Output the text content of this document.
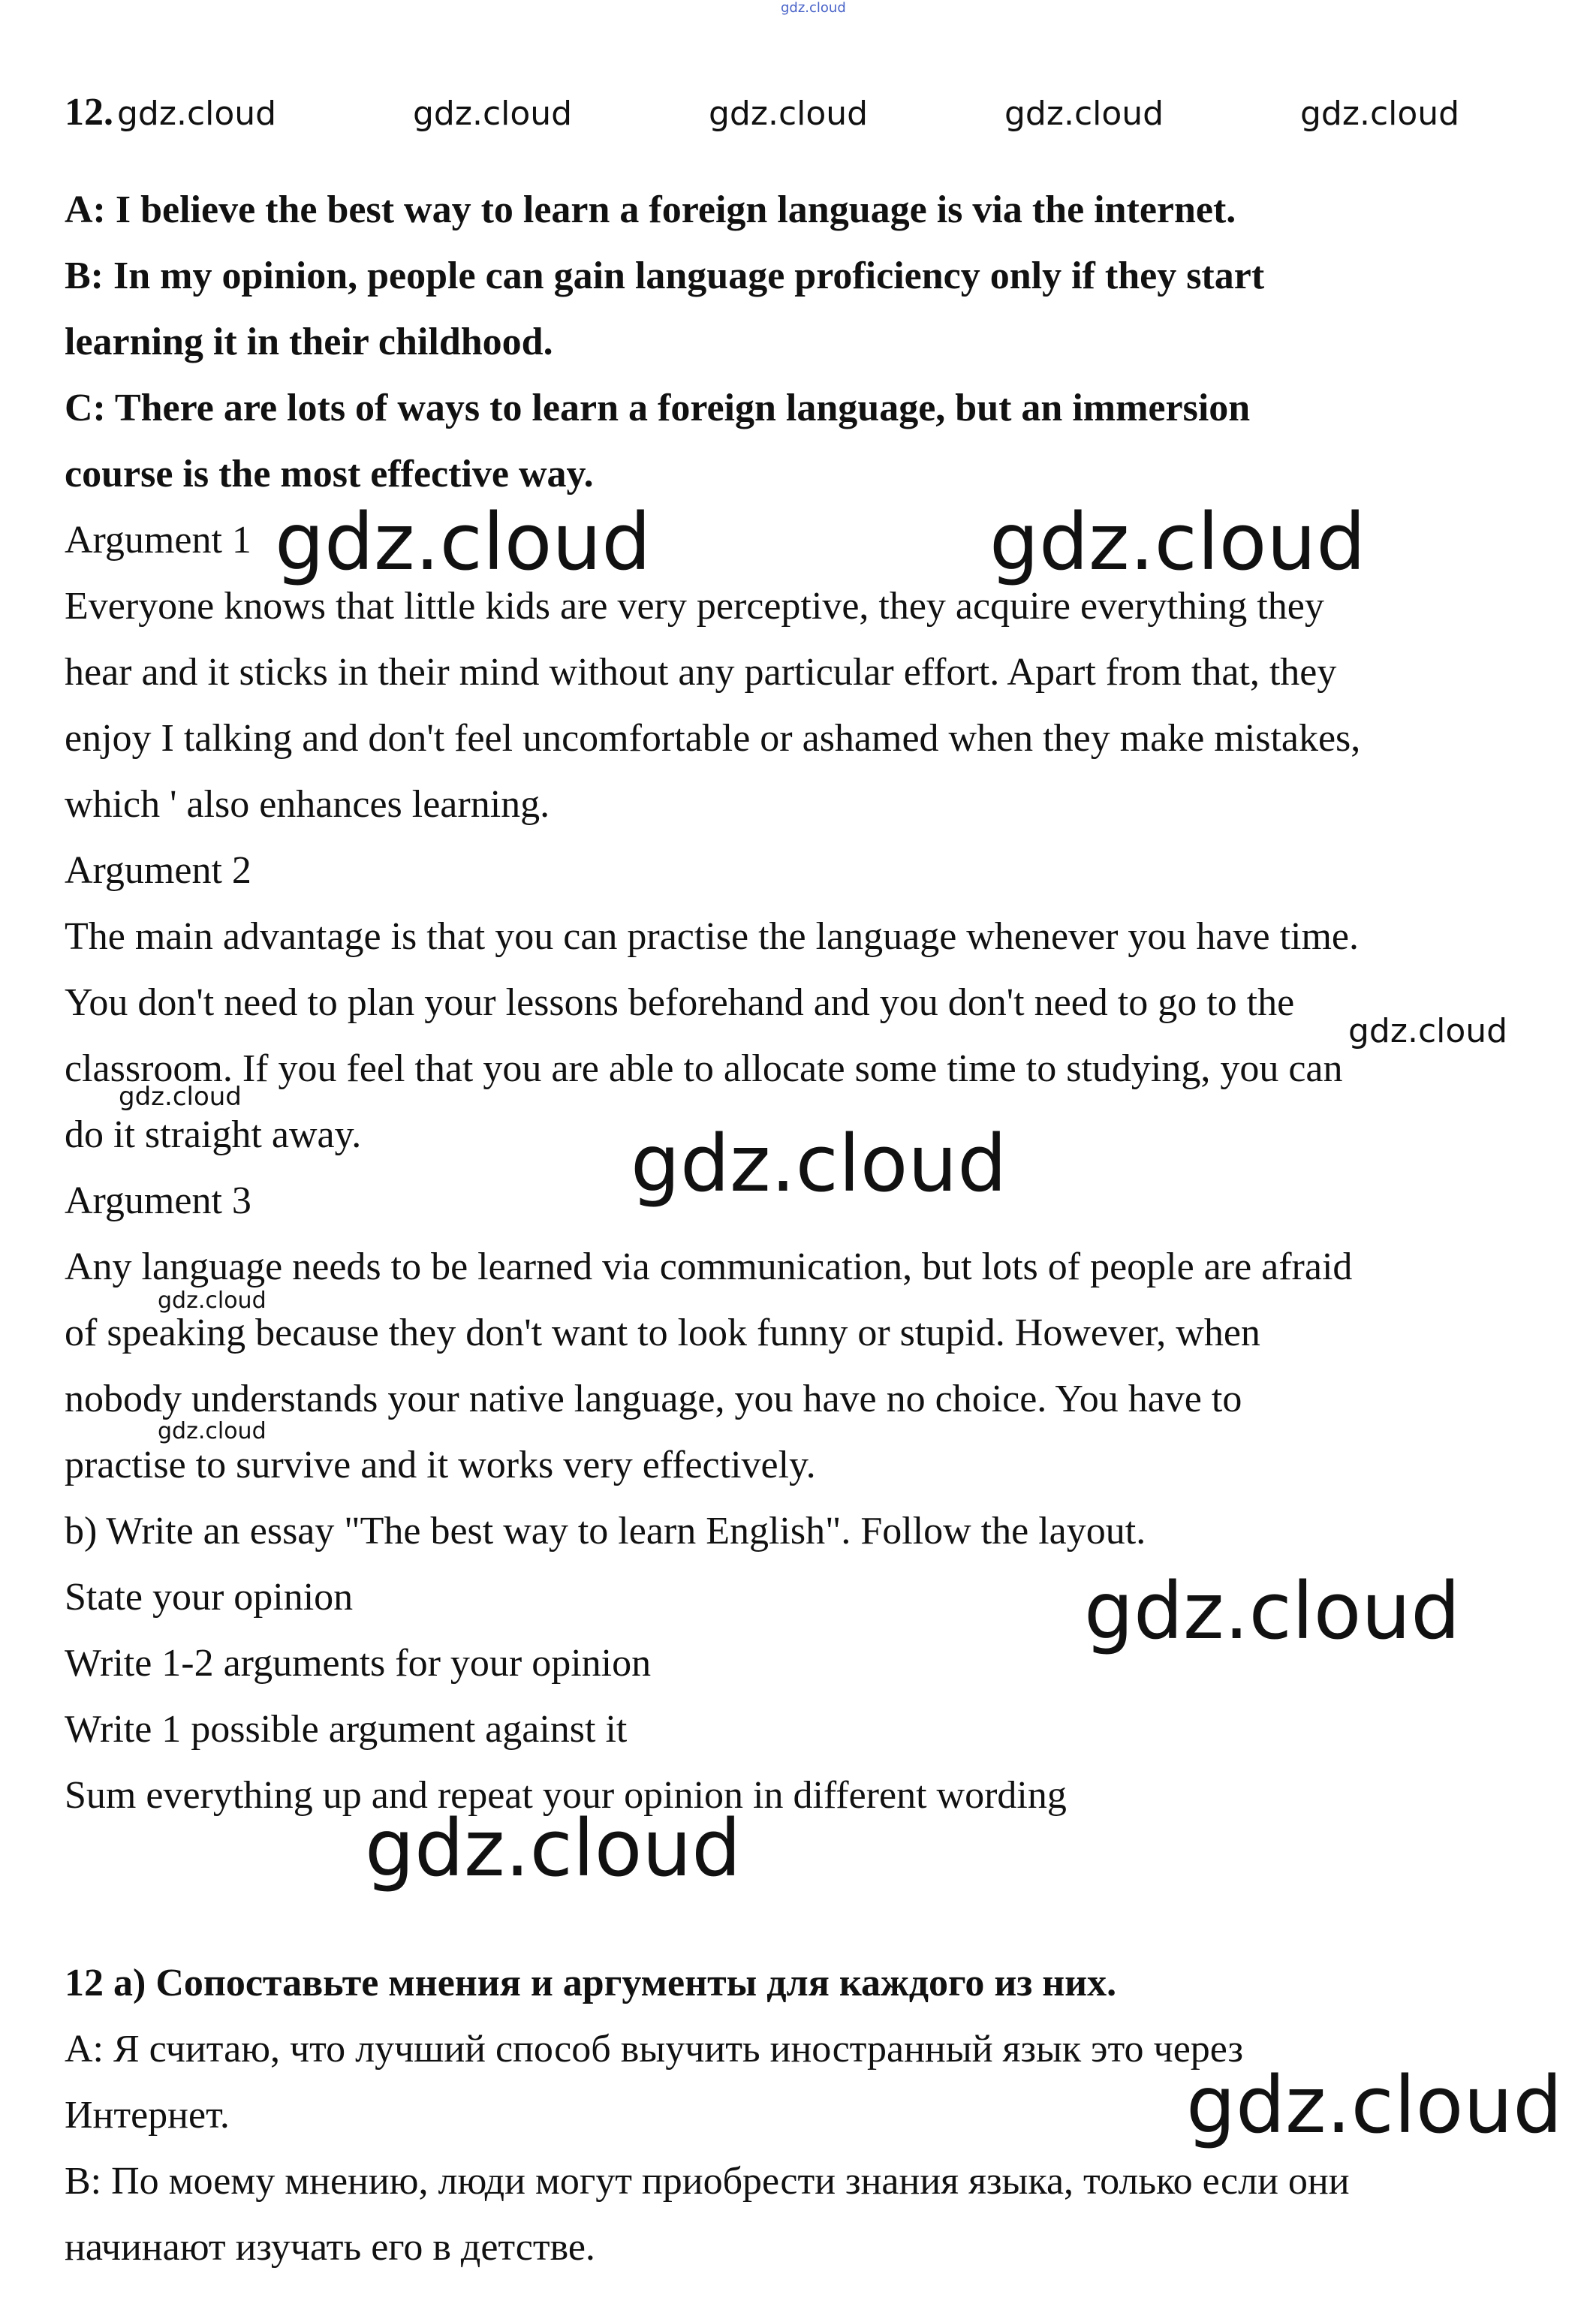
gdz.cloud
12. gdz.cloud	gdz.cloud	gdz.cloud	gdz.cloud	gdz.cloud

A: I believe the best way to learn a foreign language is via the internet.

B: In my opinion, people can gain language proficiency only if they start

learning it in their childhood.

C: There are lots of ways to learn a foreign language, but an immersion

course is the most effective way.

Argument 1 gdz.cloud	gdz.cloud

Everyone knows that little kids are very perceptive, they acquire everything they

hear and it sticks in their mind without any particular effort. Apart from that, they

enjoy I talking and don't feel uncomfortable or ashamed when they make mistakes,

which ' also enhances learning.

Argument 2

The main advantage is that you can practise the language whenever you have time.

You don't need to plan your lessons beforehand and you don't need to go to the

gdz.cloud

classroom. If you feel that you are able to allocate some time to studying, you can

gdz.cloud

do it straight away.	gdz.cloud

Argument 3

Any language needs to be learned via communication, but lots of people are afraid

gdz.cloud

of speaking because they don't want to look funny or stupid. However, when

nobody understands your native language, you have no choice. You have to

gdz.cloud

practise to survive and it works very effectively.

b) Write an essay "The best way to learn English". Follow the layout.

State your opinion	gdz.cloud

Write 1-2 arguments for your opinion

Write 1 possible argument against it

Sum everything up and repeat your opinion in different wording

gdz.cloud

12 а) Сопоставьте мнения и аргументы для каждого из них.

А: Я считаю, что лучший способ выучить иностранный язык это через

Интернет.	gdz.cloud

В: По моему мнению, люди могут приобрести знания языка, только если они

начинают изучать его в детстве.
